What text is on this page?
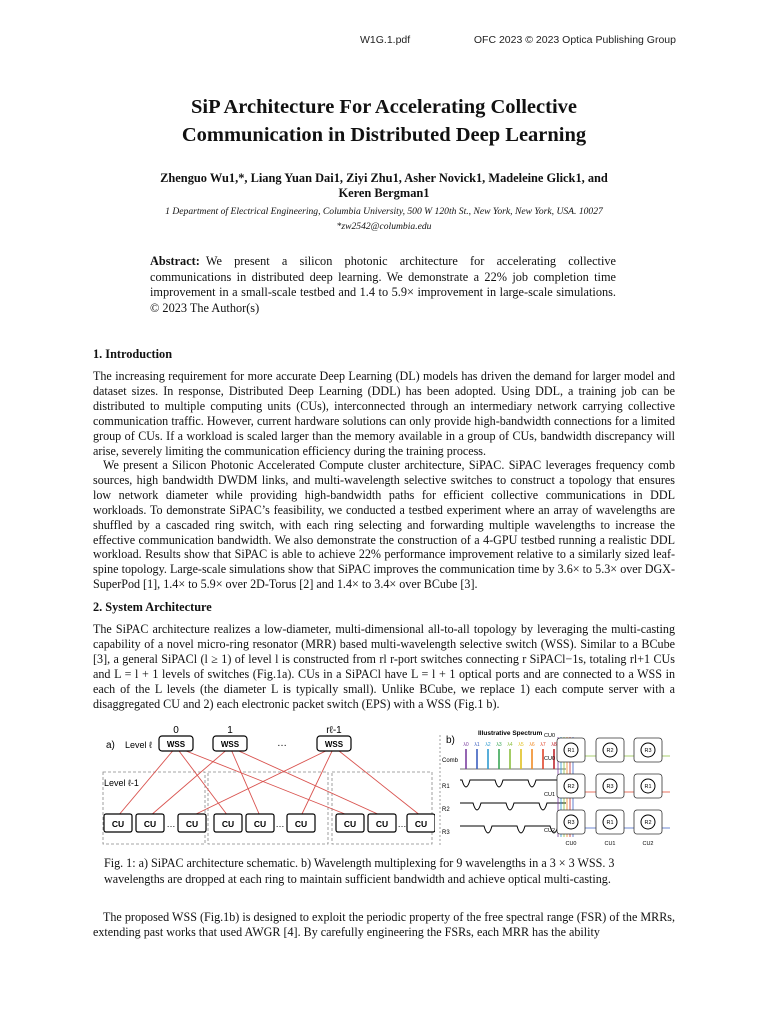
W1G.1.pdf	OFC 2023 © 2023 Optica Publishing Group
SiP Architecture For Accelerating Collective
Communication in Distributed Deep Learning
Zhenguo Wu1,*, Liang Yuan Dai1, Ziyi Zhu1, Asher Novick1, Madeleine Glick1, and
Keren Bergman1
1 Department of Electrical Engineering, Columbia University, 500 W 120th St., New York, New York, USA. 10027
*zw2542@columbia.edu
Abstract: We present a silicon photonic architecture for accelerating collective communications in distributed deep learning. We demonstrate a 22% job completion time improvement in a small-scale testbed and 1.4 to 5.9× improvement in large-scale simulations. © 2023 The Author(s)
1. Introduction
The increasing requirement for more accurate Deep Learning (DL) models has driven the demand for larger model and dataset sizes. In response, Distributed Deep Learning (DDL) has been adopted. Using DDL, a training job can be distributed to multiple computing units (CUs), interconnected through an intermediary network carrying collective communication traffic. However, current hardware solutions can only provide high-bandwidth connections for a limited group of CUs. If a workload is scaled larger than the memory available in a group of CUs, bandwidth discrepancy will arise, severely limiting the communication efficiency during the training process.
We present a Silicon Photonic Accelerated Compute cluster architecture, SiPAC. SiPAC leverages frequency comb sources, high bandwidth DWDM links, and multi-wavelength selective switches to construct a topology that ensures low network diameter while providing high-bandwidth paths for efficient collective communications in DDL workloads. To demonstrate SiPAC’s feasibility, we conducted a testbed experiment where an array of wavelengths are shuffled by a cascaded ring switch, with each ring selecting and forwarding multiple wavelengths to increase the effective communication bandwidth. We also demonstrate the construction of a 4-GPU testbed running a realistic DDL workload. Results show that SiPAC is able to achieve 22% performance improvement relative to a similarly sized leaf-spine topology. Large-scale simulations show that SiPAC improves the communication time by 3.6× to 5.3× over DGX-SuperPod [1], 1.4× to 5.9× over 2D-Torus [2] and 1.4× to 3.4× over BCube [3].
2. System Architecture
The SiPAC architecture realizes a low-diameter, multi-dimensional all-to-all topology by leveraging the multi-casting capability of a novel micro-ring resonator (MRR) based multi-wavelength selective switch (WSS). Similar to a BCube [3], a general SiPACl (l ≥ 1) of level l is constructed from rl r-port switches connecting r SiPACl−1s, totaling rl+1 CUs and L = l + 1 levels of switches (Fig.1a). CUs in a SiPACl have L = l + 1 optical ports and are connected to a WSS in each of the L levels (the diameter L is typically small). Unlike BCube, we replace 1) each compute server with a disaggregated CU and 2) each electronic packet switch (EPS) with a WSS (Fig.1 b).
a) Level ℓ
Level ℓ-1
0
WSS
1
WSS
rℓ-1
WSS
…
CU CU	CU	CU CU	CU	CU CU	CU
…	…	…
b)
Illustrative Spectrum
Comb
λ0 λ1 λ2 λ3 λ4 λ5 λ6 λ7 λ8
R1
R2
R3
CU0
R1	R2	R3
CU1
R2	R3	R1
CU2
R3	R1	R2
CU0
CU0	CU1	CU2
Fig. 1: a) SiPAC architecture schematic. b) Wavelength multiplexing for 9 wavelengths in a 3 × 3 WSS. 3 wavelengths are dropped at each ring to maintain sufficient bandwidth and achieve optical multi-casting.
The proposed WSS (Fig.1b) is designed to exploit the periodic property of the free spectral range (FSR) of the MRRs, extending past works that used AWGR [4]. By carefully engineering the FSRs, each MRR has the ability
